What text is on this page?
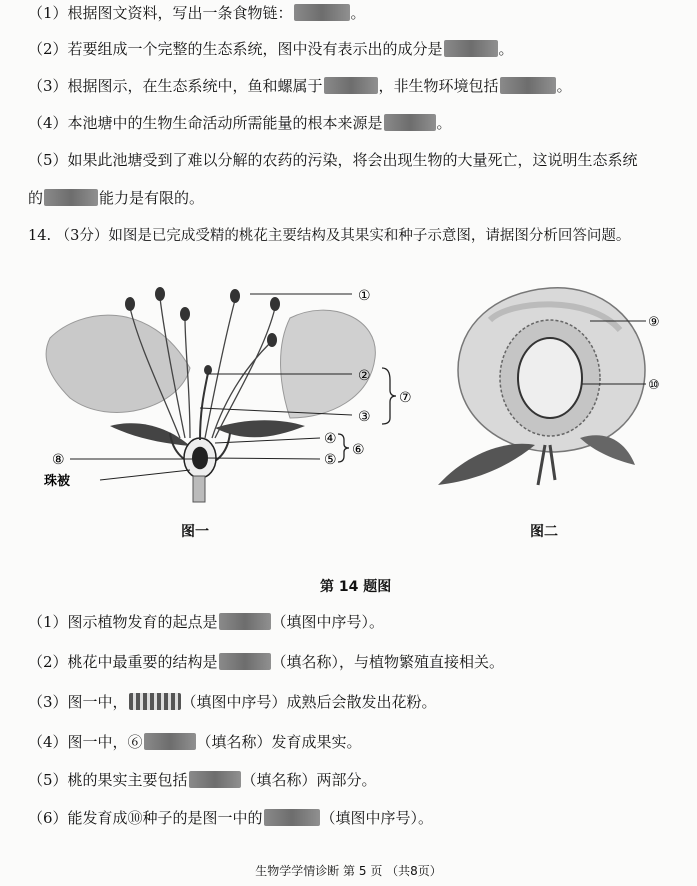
（1）根据图文资料，写出一条食物链：	。
（2）若要组成一个完整的生态系统，图中没有表示出的成分是	。
（3）根据图示，在生态系统中，鱼和螺属于	，非生物环境包括	。
（4）本池塘中的生物生命活动所需能量的根本来源是	。
（5）如果此池塘受到了难以分解的农药的污染，将会出现生物的大量死亡，这说明生态系统
的	能力是有限的。
14. （3分）如图是已完成受精的桃花主要结构及其果实和种子示意图，请据图分析回答问题。
①
②
③
⑦
④
⑤
⑥
⑧
珠被
图一
⑨
⑩
图二
第 14 题图
（1）图示植物发育的起点是	（填图中序号）。
（2）桃花中最重要的结构是	（填名称），与植物繁殖直接相关。
（3）图一中，	（填图中序号）成熟后会散发出花粉。
（4）图一中，⑥	（填名称）发育成果实。
（5）桃的果实主要包括	（填名称）两部分。
（6）能发育成⑩种子的是图一中的	（填图中序号）。
生物学学情诊断 第 5 页 （共8页）
